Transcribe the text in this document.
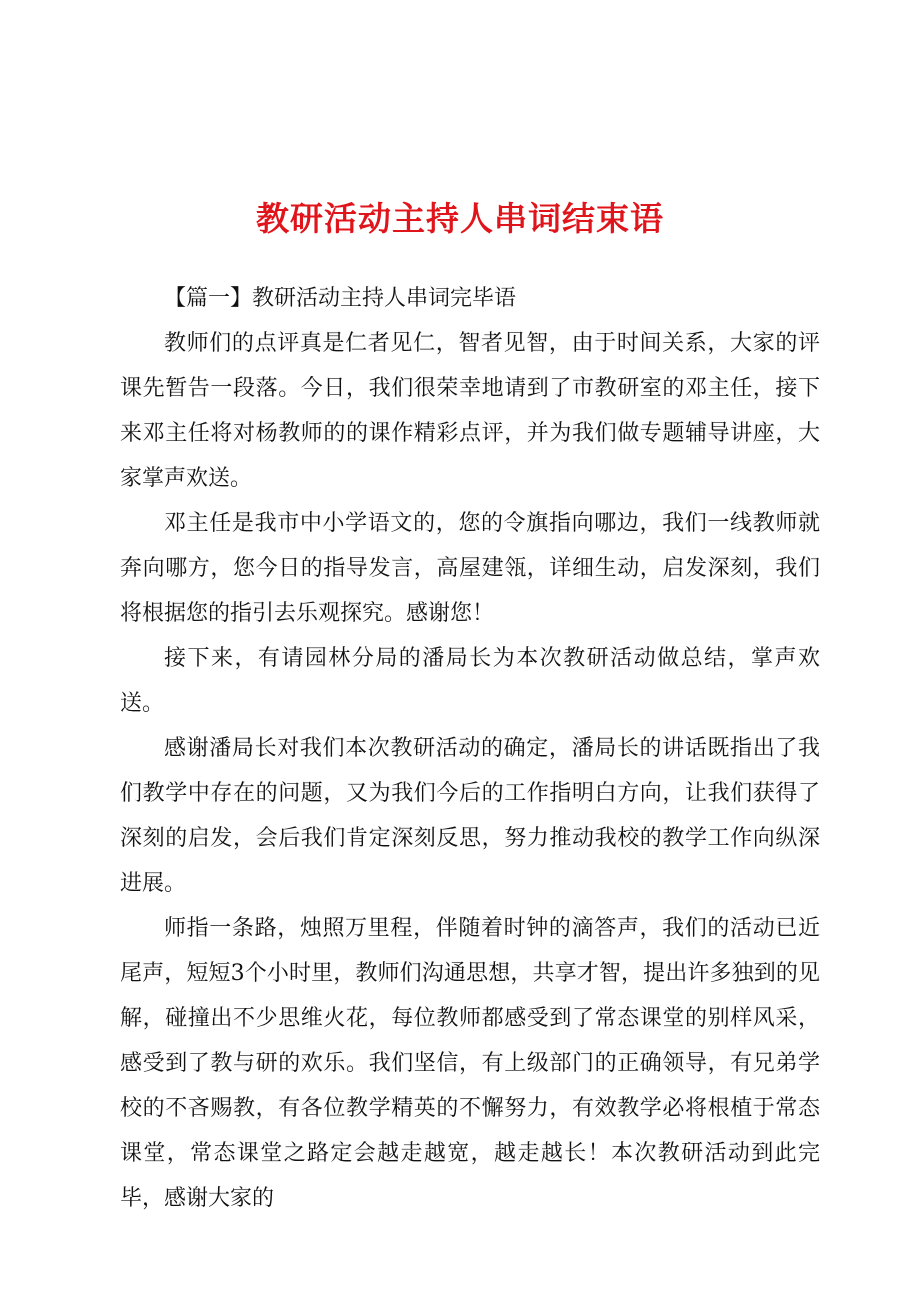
教研活动主持人串词结束语

【篇一】教研活动主持人串词完毕语

教师们的点评真是仁者见仁，智者见智，由于时间关系，大家的评课先暂告一段落。今日，我们很荣幸地请到了市教研室的邓主任，接下来邓主任将对杨教师的的课作精彩点评，并为我们做专题辅导讲座，大家掌声欢送。

邓主任是我市中小学语文的，您的令旗指向哪边，我们一线教师就奔向哪方，您今日的指导发言，高屋建瓴，详细生动，启发深刻，我们将根据您的指引去乐观探究。感谢您！

接下来，有请园林分局的潘局长为本次教研活动做总结，掌声欢送。

感谢潘局长对我们本次教研活动的确定，潘局长的讲话既指出了我们教学中存在的问题，又为我们今后的工作指明白方向，让我们获得了深刻的启发，会后我们肯定深刻反思，努力推动我校的教学工作向纵深进展。

师指一条路，烛照万里程，伴随着时钟的滴答声，我们的活动已近尾声，短短3个小时里，教师们沟通思想，共享才智，提出许多独到的见解，碰撞出不少思维火花，每位教师都感受到了常态课堂的别样风采，感受到了教与研的欢乐。我们坚信，有上级部门的正确领导，有兄弟学校的不吝赐教，有各位教学精英的不懈努力，有效教学必将根植于常态课堂，常态课堂之路定会越走越宽，越走越长！本次教研活动到此完毕，感谢大家的
